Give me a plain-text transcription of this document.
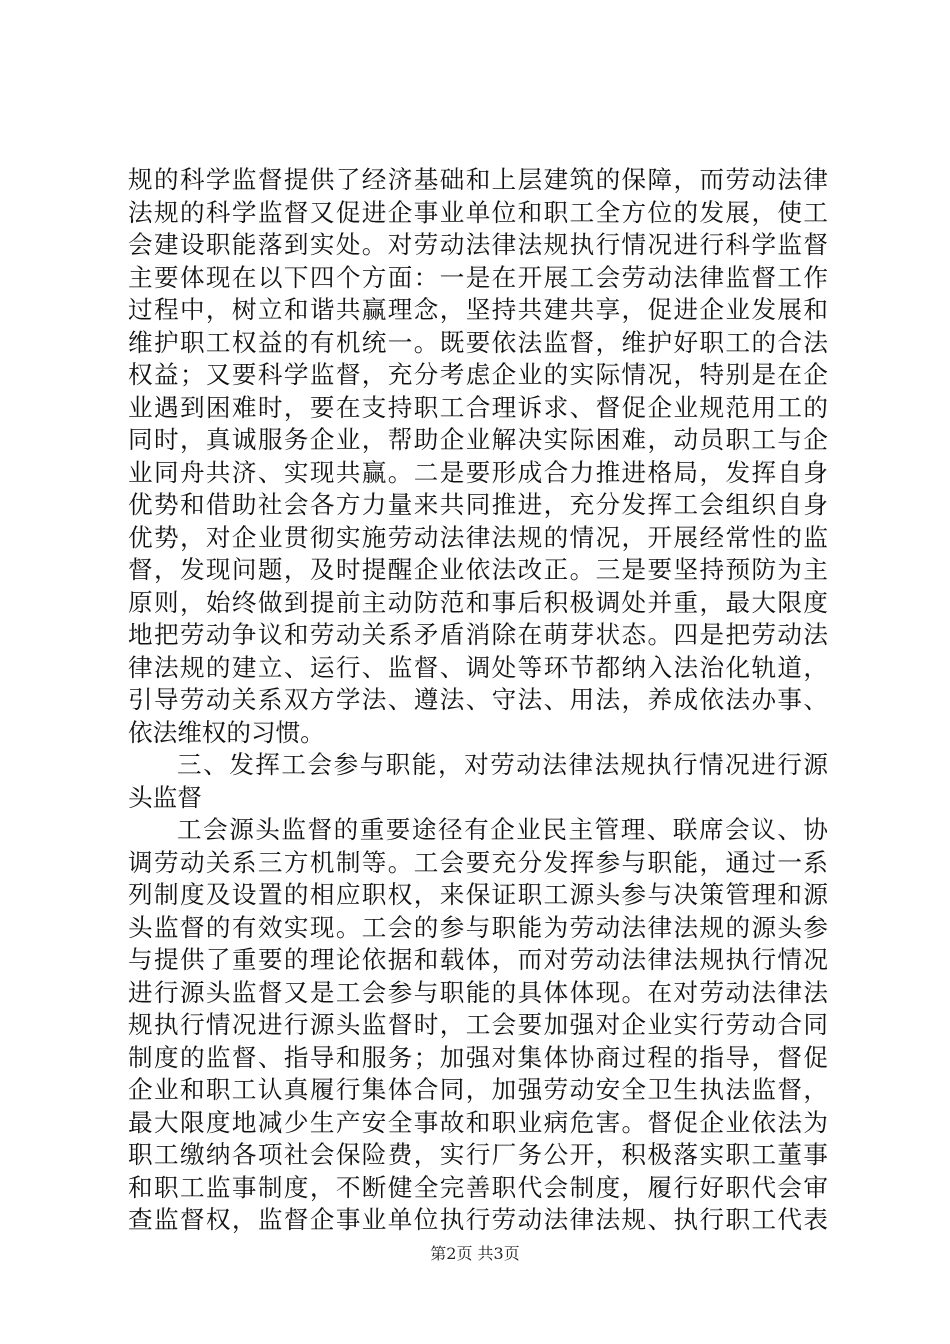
规的科学监督提供了经济基础和上层建筑的保障，而劳动法律
法规的科学监督又促进企事业单位和职工全方位的发展，使工
会建设职能落到实处。对劳动法律法规执行情况进行科学监督
主要体现在以下四个方面：一是在开展工会劳动法律监督工作
过程中，树立和谐共赢理念，坚持共建共享，促进企业发展和
维护职工权益的有机统一。既要依法监督，维护好职工的合法
权益；又要科学监督，充分考虑企业的实际情况，特别是在企
业遇到困难时，要在支持职工合理诉求、督促企业规范用工的
同时，真诚服务企业，帮助企业解决实际困难，动员职工与企
业同舟共济、实现共赢。二是要形成合力推进格局，发挥自身
优势和借助社会各方力量来共同推进，充分发挥工会组织自身
优势，对企业贯彻实施劳动法律法规的情况，开展经常性的监
督，发现问题，及时提醒企业依法改正。三是要坚持预防为主
原则，始终做到提前主动防范和事后积极调处并重，最大限度
地把劳动争议和劳动关系矛盾消除在萌芽状态。四是把劳动法
律法规的建立、运行、监督、调处等环节都纳入法治化轨道，
引导劳动关系双方学法、遵法、守法、用法，养成依法办事、
依法维权的习惯。
三、发挥工会参与职能，对劳动法律法规执行情况进行源
头监督
工会源头监督的重要途径有企业民主管理、联席会议、协
调劳动关系三方机制等。工会要充分发挥参与职能，通过一系
列制度及设置的相应职权，来保证职工源头参与决策管理和源
头监督的有效实现。工会的参与职能为劳动法律法规的源头参
与提供了重要的理论依据和载体，而对劳动法律法规执行情况
进行源头监督又是工会参与职能的具体体现。在对劳动法律法
规执行情况进行源头监督时，工会要加强对企业实行劳动合同
制度的监督、指导和服务；加强对集体协商过程的指导，督促
企业和职工认真履行集体合同，加强劳动安全卫生执法监督，
最大限度地减少生产安全事故和职业病危害。督促企业依法为
职工缴纳各项社会保险费，实行厂务公开，积极落实职工董事
和职工监事制度，不断健全完善职代会制度，履行好职代会审
查监督权，监督企事业单位执行劳动法律法规、执行职工代表
第2页 共3页
